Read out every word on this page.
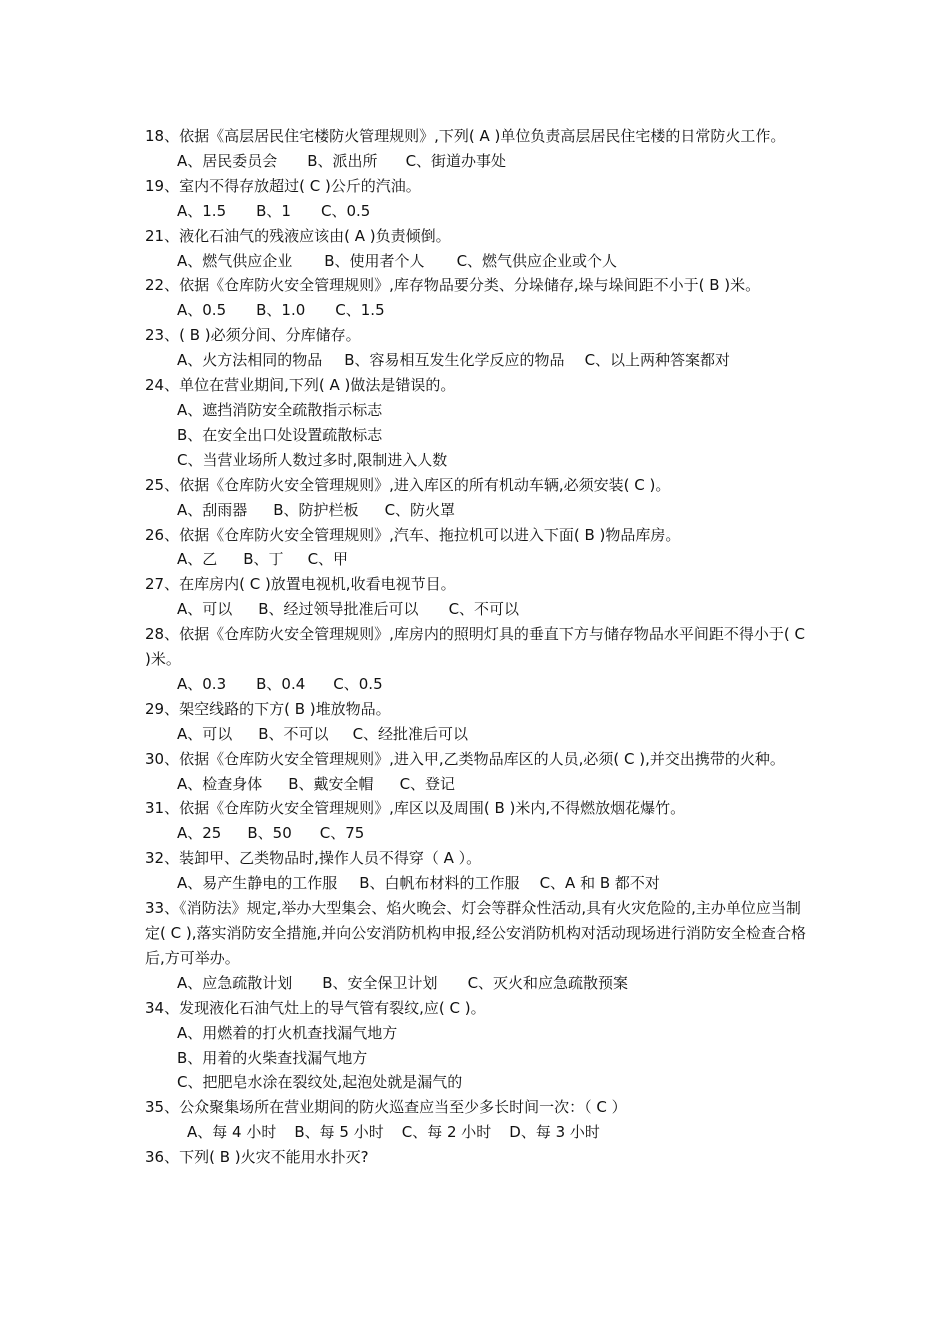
18、依据《高层居民住宅楼防火管理规则》,下列( A )单位负责高层居民住宅楼的日常防火工作。
A、居民委员会 B、派出所 C、街道办事处
19、室内不得存放超过( C )公斤的汽油。
A、1.5 B、1 C、0.5
21、液化石油气的残液应该由( A )负责倾倒。
A、燃气供应企业 B、使用者个人 C、燃气供应企业或个人
22、依据《仓库防火安全管理规则》,库存物品要分类、分垛储存,垛与垛间距不小于( B )米。
A、0.5 B、1.0 C、1.5
23、( B )必须分间、分库储存。
A、火方法相同的物品 B、容易相互发生化学反应的物品 C、以上两种答案都对
24、单位在营业期间,下列( A )做法是错误的。
A、遮挡消防安全疏散指示标志
B、在安全出口处设置疏散标志
C、当营业场所人数过多时,限制进入人数
25、依据《仓库防火安全管理规则》,进入库区的所有机动车辆,必须安装( C )。
A、刮雨器 B、防护栏板 C、防火罩
26、依据《仓库防火安全管理规则》,汽车、拖拉机可以进入下面( B )物品库房。
A、乙 B、丁 C、甲
27、在库房内( C )放置电视机,收看电视节目。
A、可以 B、经过领导批准后可以 C、不可以
28、依据《仓库防火安全管理规则》,库房内的照明灯具的垂直下方与储存物品水平间距不得小于( C )米。
A、0.3 B、0.4 C、0.5
29、架空线路的下方( B )堆放物品。
A、可以 B、不可以 C、经批准后可以
30、依据《仓库防火安全管理规则》,进入甲,乙类物品库区的人员,必须( C ),并交出携带的火种。
A、检查身体 B、戴安全帽 C、登记
31、依据《仓库防火安全管理规则》,库区以及周围( B )米内,不得燃放烟花爆竹。
A、25 B、50 C、75
32、装卸甲、乙类物品时,操作人员不得穿（ A ）。
A、易产生静电的工作服 B、白帆布材料的工作服 C、A 和 B 都不对
33、《消防法》规定,举办大型集会、焰火晚会、灯会等群众性活动,具有火灾危险的,主办单位应当制定( C ),落实消防安全措施,并向公安消防机构申报,经公安消防机构对活动现场进行消防安全检查合格后,方可举办。
A、应急疏散计划 B、安全保卫计划 C、灭火和应急疏散预案
34、发现液化石油气灶上的导气管有裂纹,应( C )。
A、用燃着的打火机查找漏气地方
B、用着的火柴查找漏气地方
C、把肥皂水涂在裂纹处,起泡处就是漏气的
35、公众聚集场所在营业期间的防火巡查应当至少多长时间一次：（ C ）
A、每 4 小时 B、每 5 小时 C、每 2 小时 D、每 3 小时
36、下列( B )火灾不能用水扑灭?
